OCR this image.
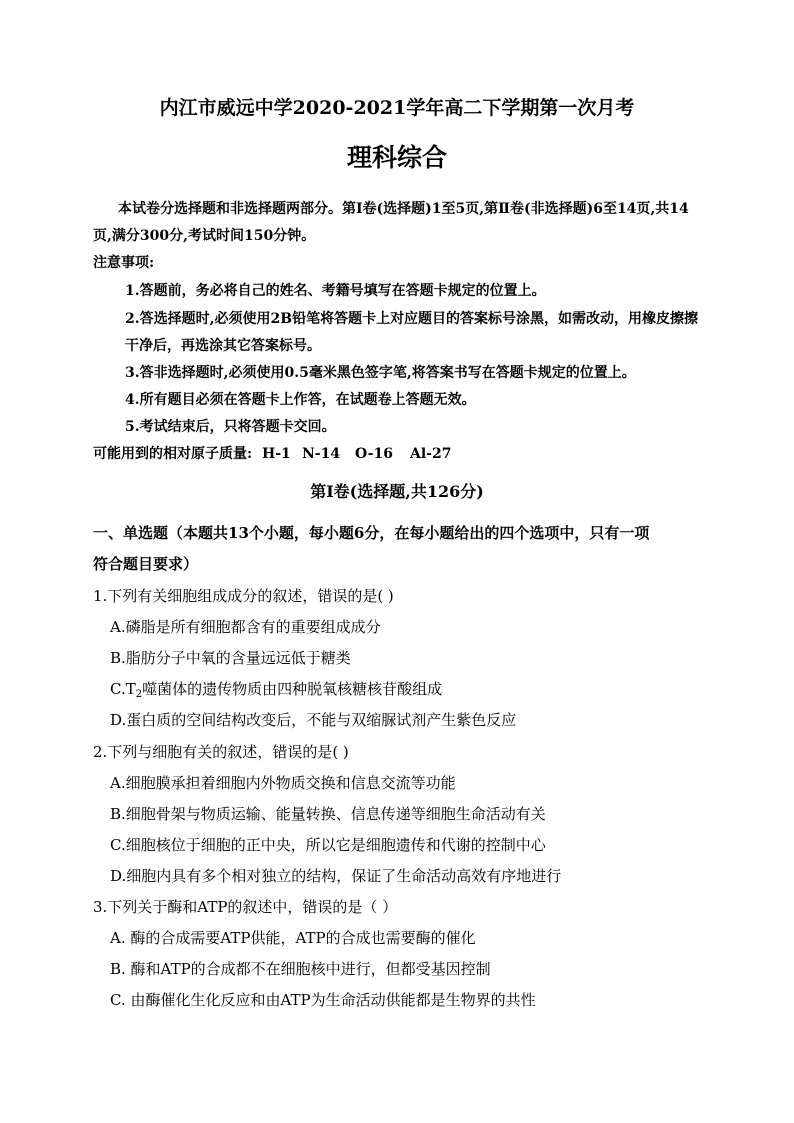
内江市威远中学2020-2021学年高二下学期第一次月考
理科综合
本试卷分选择题和非选择题两部分。第Ⅰ卷(选择题)1至5页,第Ⅱ卷(非选择题)6至14页,共14
页,满分300分,考试时间150分钟。
注意事项:
1.答题前，务必将自己的姓名、考籍号填写在答题卡规定的位置上。
2.答选择题时,必须使用2B铅笔将答题卡上对应题目的答案标号涂黑，如需改动，用橡皮擦擦
干净后，再选涂其它答案标号。
3.答非选择题时,必须使用0.5毫米黑色签字笔,将答案书写在答题卡规定的位置上。
4.所有题目必须在答题卡上作答，在试题卷上答题无效。
5.考试结束后，只将答题卡交回。
可能用到的相对原子质量: H-1 N-14 O-16 Al-27
第Ⅰ卷(选择题,共126分)
一、单选题（本题共13个小题，每小题6分，在每小题给出的四个选项中，只有一项
符合题目要求）
1.下列有关细胞组成成分的叙述，错误的是( )
A.磷脂是所有细胞都含有的重要组成成分
B.脂肪分子中氧的含量远远低于糖类
$C.T_2$噬菌体的遗传物质由四种脱氧核糖核苷酸组成
D.蛋白质的空间结构改变后，不能与双缩脲试剂产生紫色反应
2.下列与细胞有关的叙述，错误的是( )
A.细胞膜承担着细胞内外物质交换和信息交流等功能
B.细胞骨架与物质运输、能量转换、信息传递等细胞生命活动有关
C.细胞核位于细胞的正中央，所以它是细胞遗传和代谢的控制中心
D.细胞内具有多个相对独立的结构，保证了生命活动高效有序地进行
3.下列关于酶和ATP的叙述中，错误的是（ ）
A. 酶的合成需要ATP供能，ATP的合成也需要酶的催化
B. 酶和ATP的合成都不在细胞核中进行，但都受基因控制
C. 由酶催化生化反应和由ATP为生命活动供能都是生物界的共性
